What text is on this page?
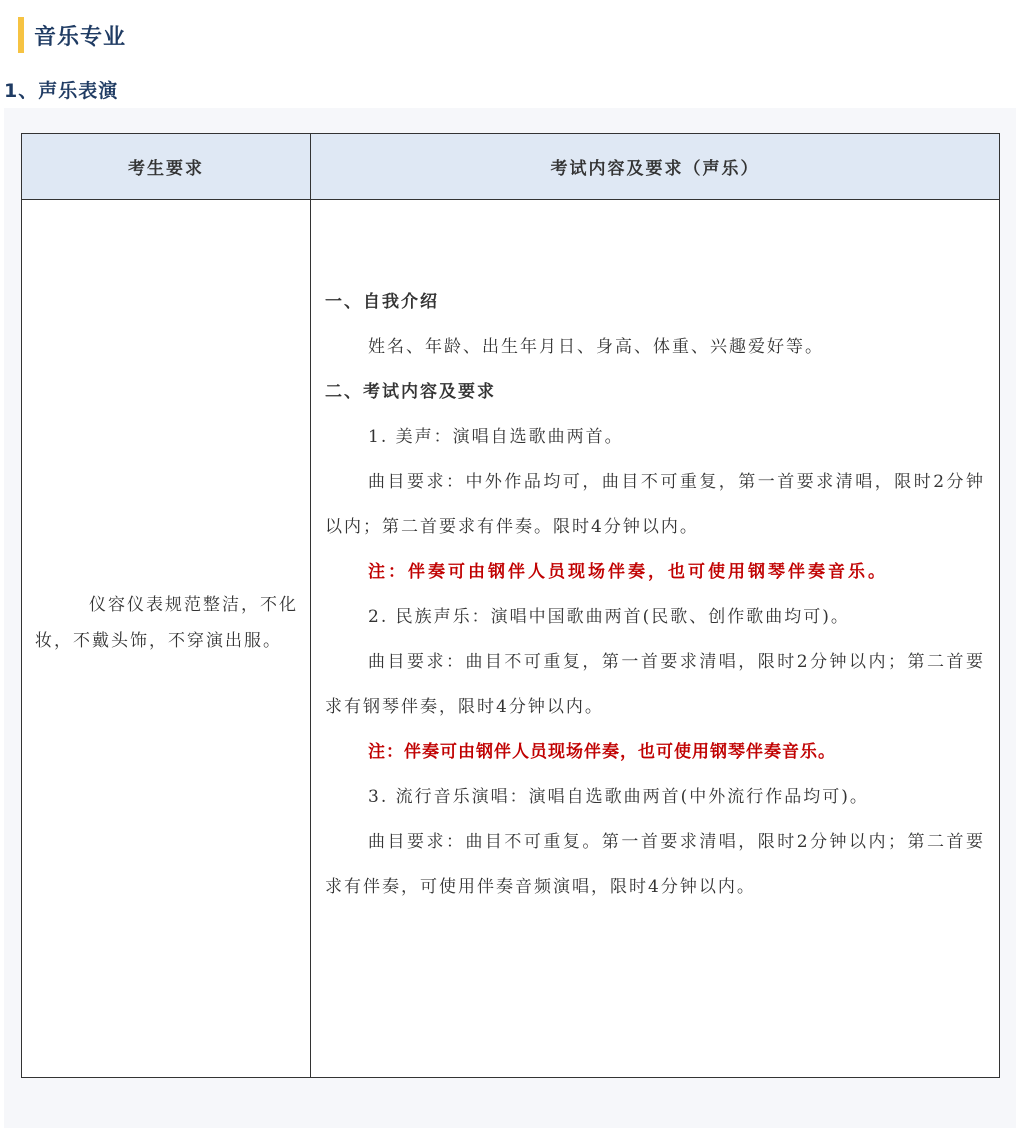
音乐专业
1、声乐表演
考生要求	考试内容及要求（声乐）
仪容仪表规范整洁，不化妆，不戴头饰，不穿演出服。

一、自我介绍

姓名、年龄、出生年月日、身高、体重、兴趣爱好等。

二、考试内容及要求

1. 美声：演唱自选歌曲两首。

曲目要求：中外作品均可，曲目不可重复，第一首要求清唱，限时2分钟以内；第二首要求有伴奏。限时4分钟以内。

注：伴奏可由钢伴人员现场伴奏，也可使用钢琴伴奏音乐。

2. 民族声乐：演唱中国歌曲两首(民歌、创作歌曲均可)。

曲目要求：曲目不可重复，第一首要求清唱，限时2分钟以内；第二首要求有钢琴伴奏，限时4分钟以内。

注：伴奏可由钢伴人员现场伴奏，也可使用钢琴伴奏音乐。

3. 流行音乐演唱：演唱自选歌曲两首(中外流行作品均可)。

曲目要求：曲目不可重复。第一首要求清唱，限时2分钟以内；第二首要求有伴奏，可使用伴奏音频演唱，限时4分钟以内。
